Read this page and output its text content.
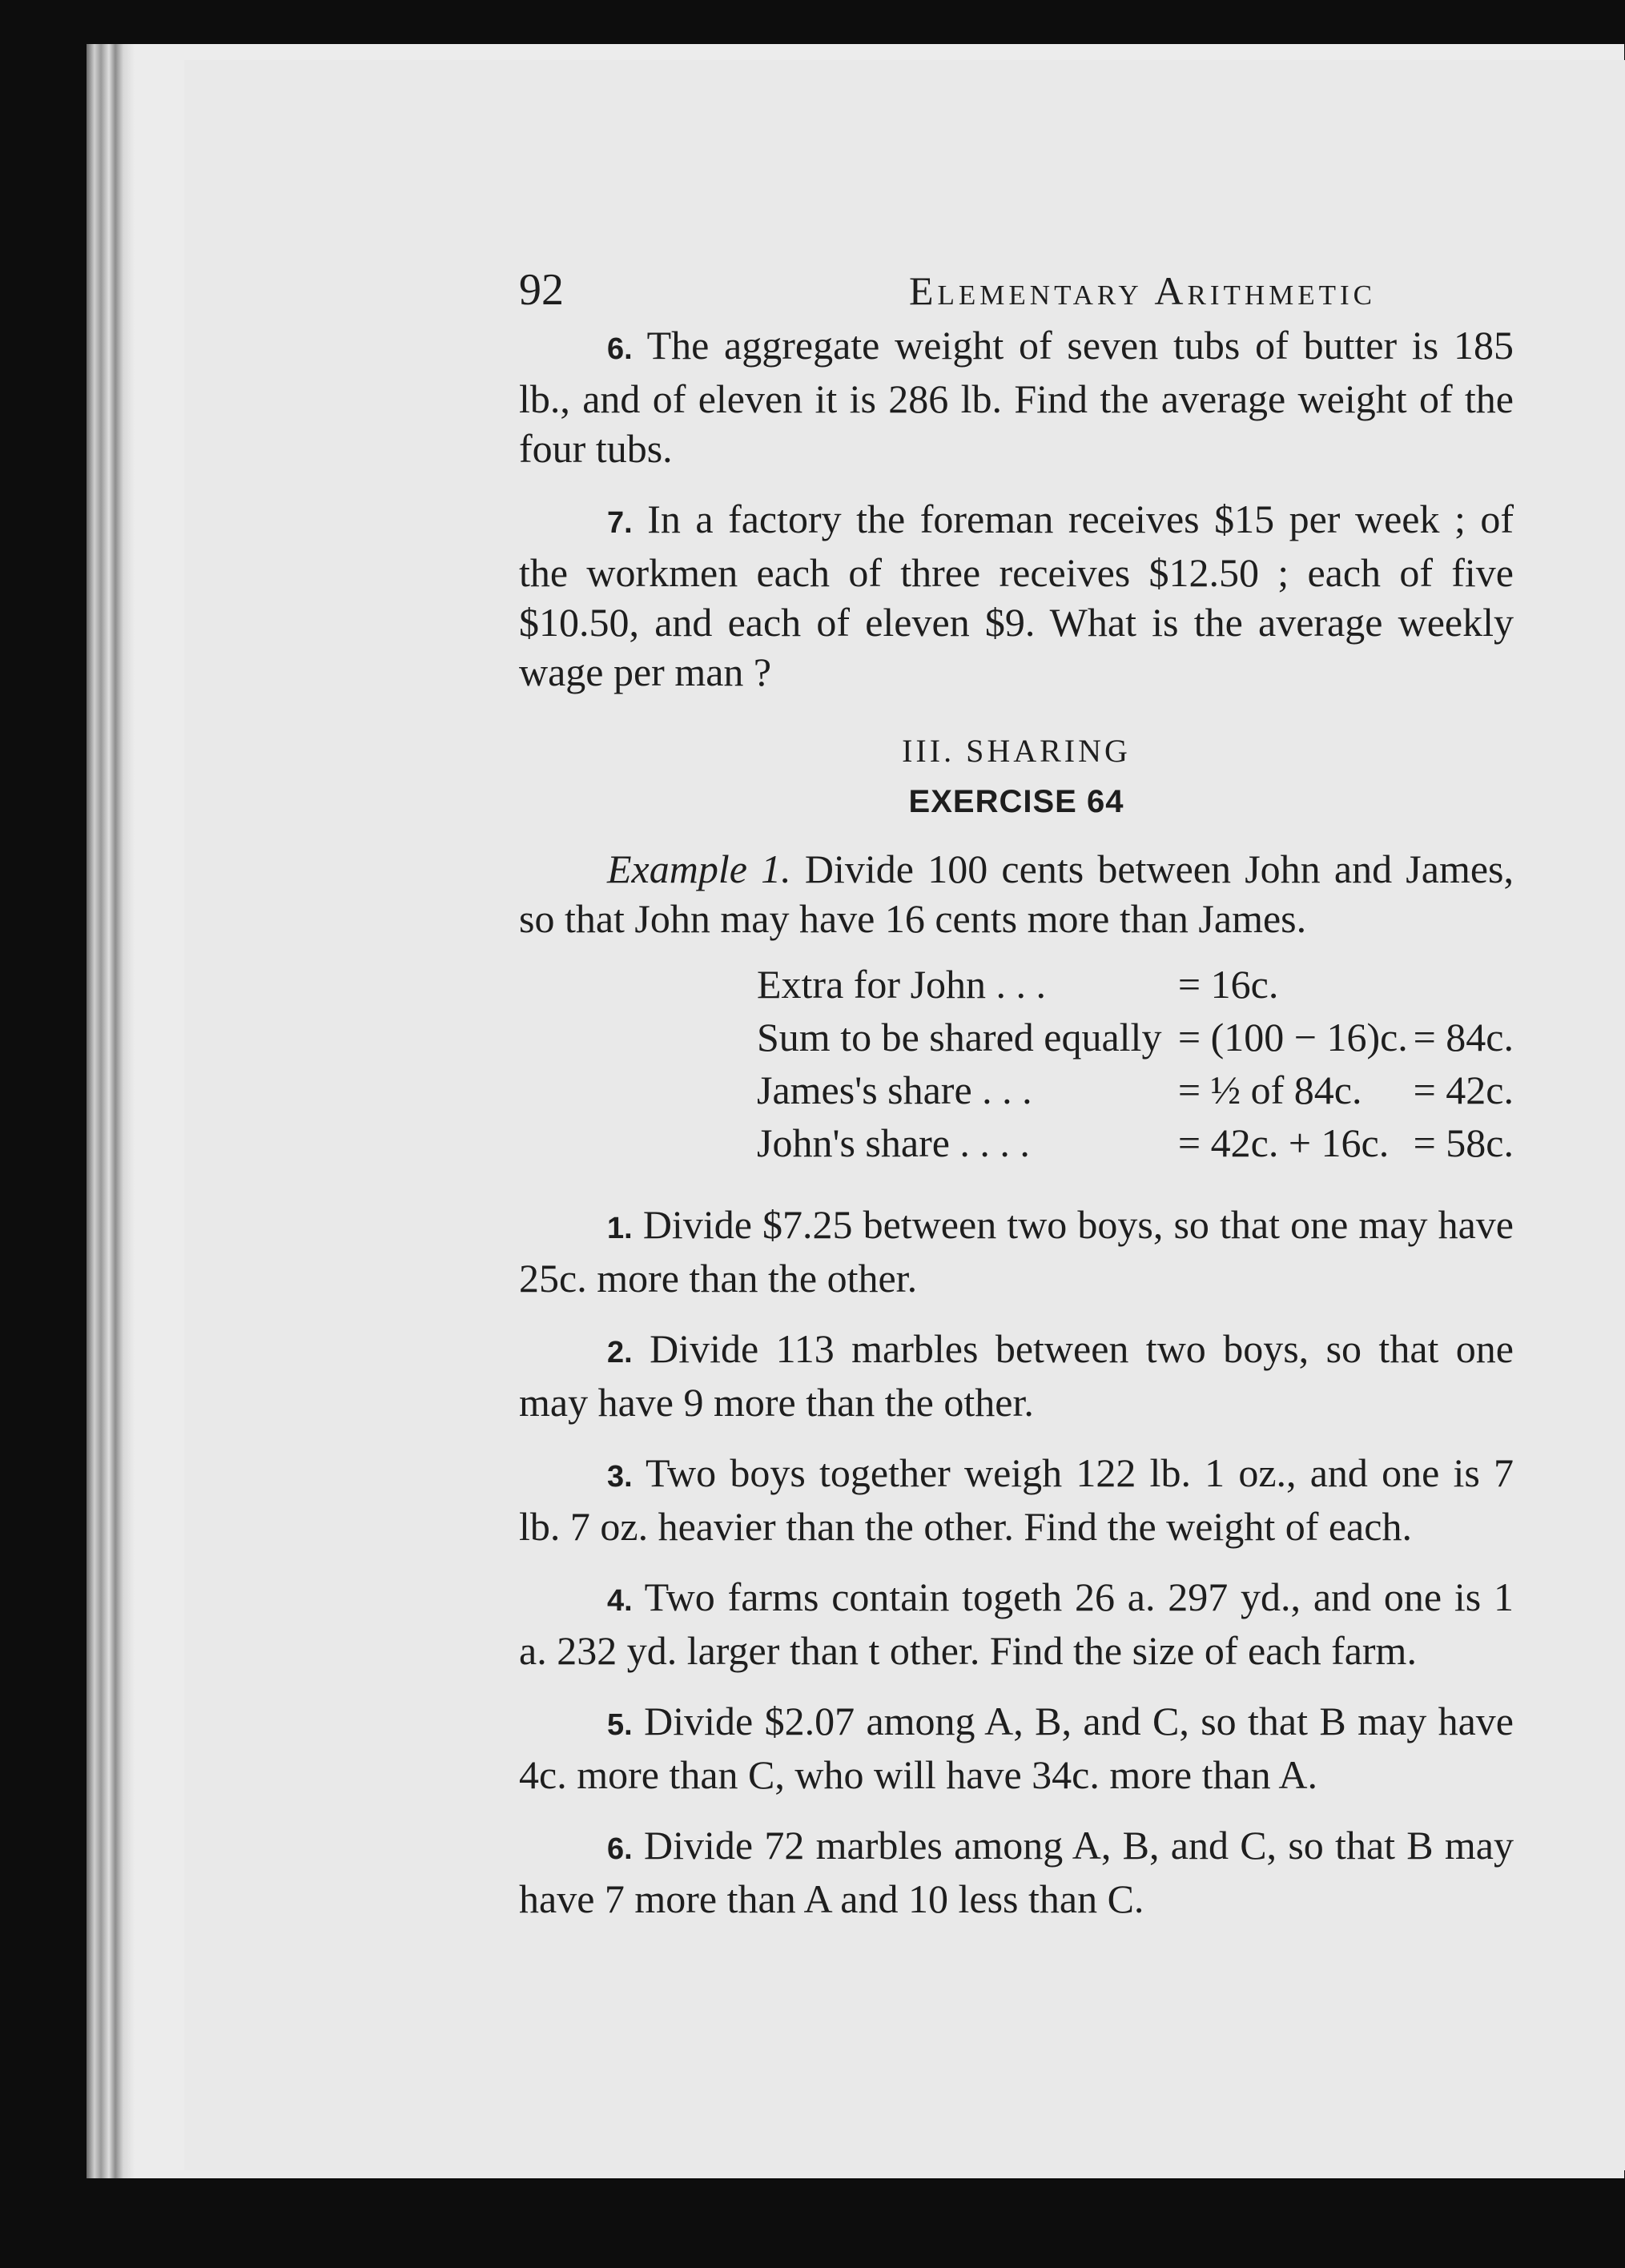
92	Elementary Arithmetic

6. The aggregate weight of seven tubs of butter is 185 lb., and of eleven it is 286 lb. Find the average weight of the four tubs.

7. In a factory the foreman receives $15 per week ; of the workmen each of three receives $12.50 ; each of five $10.50, and each of eleven $9. What is the average weekly wage per man ?

III. SHARING
EXERCISE 64

Example 1. Divide 100 cents between John and James, so that John may have 16 cents more than James.

Extra for John . . .	= 16c.	
Sum to be shared equally	= (100 − 16)c.	= 84c.
James's share . . .	= ½ of 84c.	= 42c.
John's share . . . .	= 42c. + 16c.	= 58c.

1. Divide $7.25 between two boys, so that one may have 25c. more than the other.

2. Divide 113 marbles between two boys, so that one may have 9 more than the other.

3. Two boys together weigh 122 lb. 1 oz., and one is 7 lb. 7 oz. heavier than the other. Find the weight of each.

4. Two farms contain togeth 26 a. 297 yd., and one is 1 a. 232 yd. larger than t other. Find the size of each farm.

5. Divide $2.07 among A, B, and C, so that B may have 4c. more than C, who will have 34c. more than A.

6. Divide 72 marbles among A, B, and C, so that B may have 7 more than A and 10 less than C.
